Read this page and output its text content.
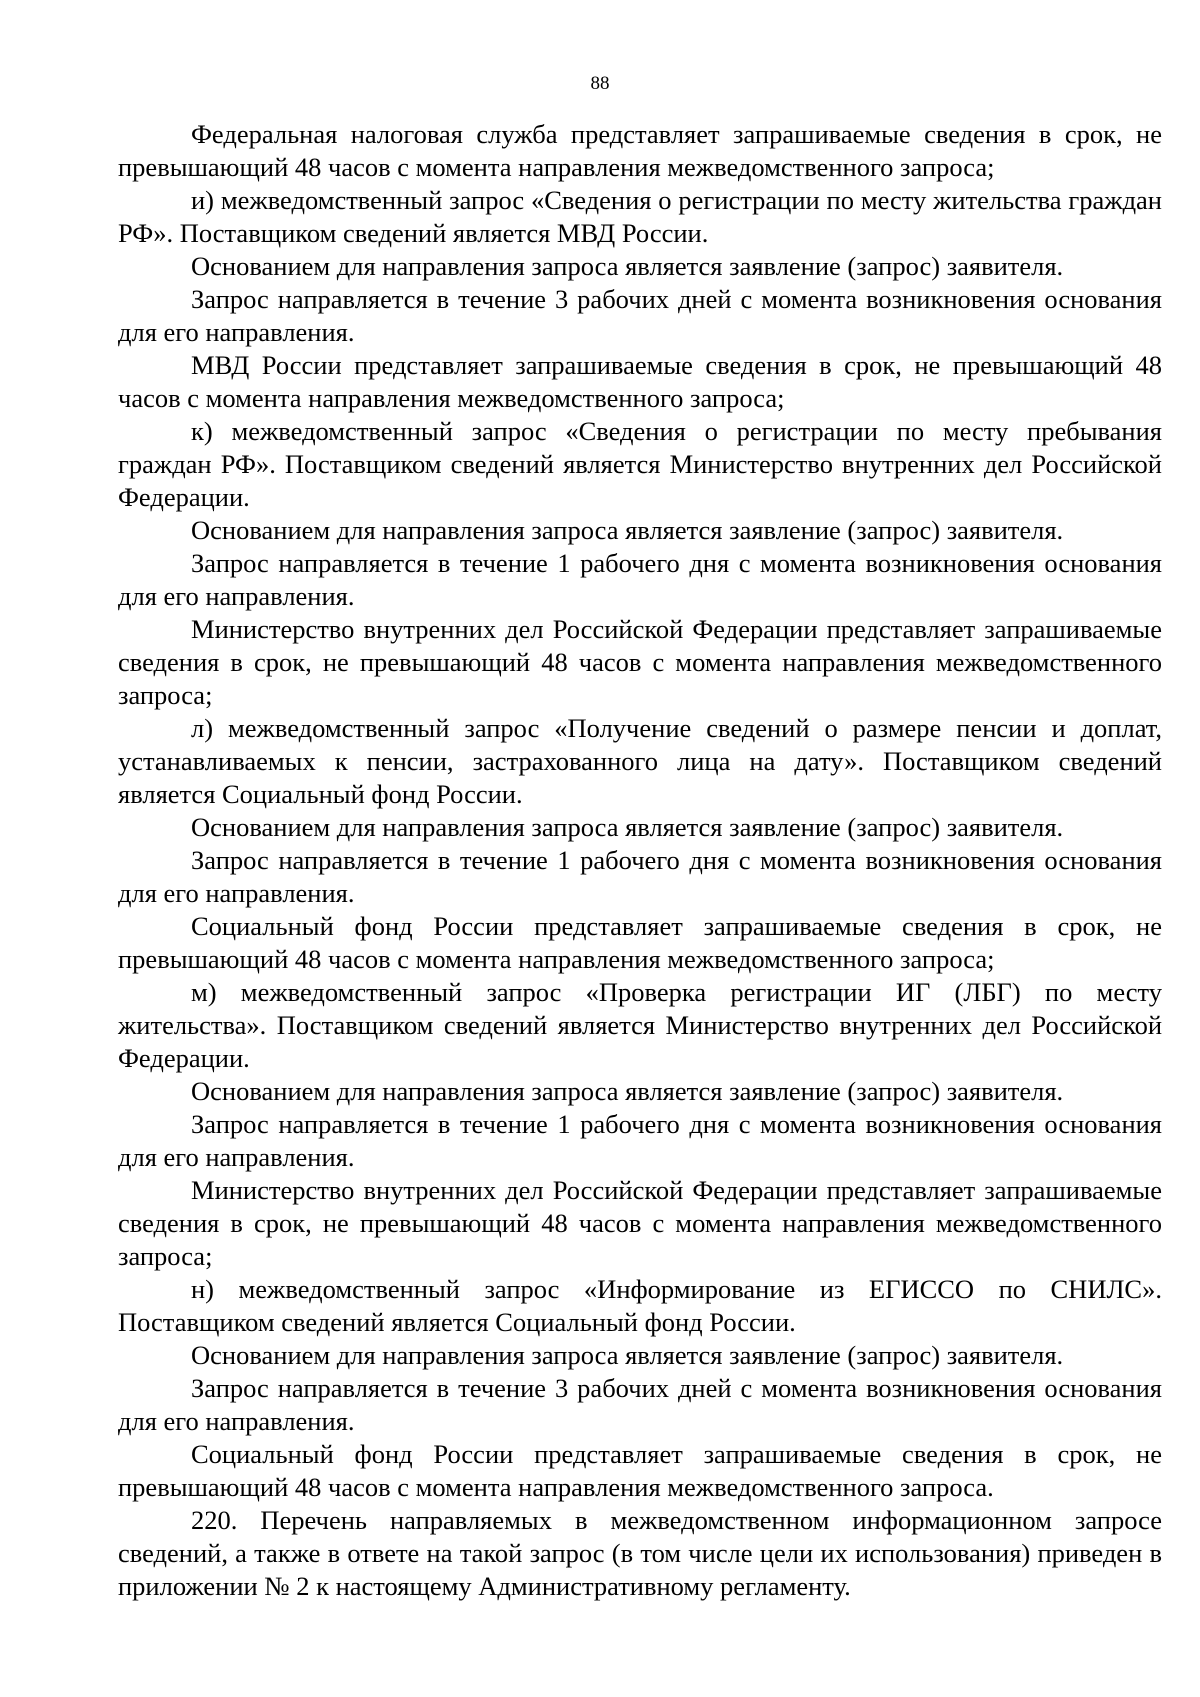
88

Федеральная налоговая служба представляет запрашиваемые сведения в срок, не превышающий 48 часов с момента направления межведомственного запроса;

и) межведомственный запрос «Сведения о регистрации по месту жительства граждан РФ». Поставщиком сведений является МВД России.

Основанием для направления запроса является заявление (запрос) заявителя.

Запрос направляется в течение 3 рабочих дней с момента возникновения основания для его направления.

МВД России представляет запрашиваемые сведения в срок, не превышающий 48 часов с момента направления межведомственного запроса;

к) межведомственный запрос «Сведения о регистрации по месту пребывания граждан РФ». Поставщиком сведений является Министерство внутренних дел Российской Федерации.

Основанием для направления запроса является заявление (запрос) заявителя.

Запрос направляется в течение 1 рабочего дня с момента возникновения основания для его направления.

Министерство внутренних дел Российской Федерации представляет запрашиваемые сведения в срок, не превышающий 48 часов с момента направления межведомственного запроса;

л) межведомственный запрос «Получение сведений о размере пенсии и доплат, устанавливаемых к пенсии, застрахованного лица на дату». Поставщиком сведений является Социальный фонд России.

Основанием для направления запроса является заявление (запрос) заявителя.

Запрос направляется в течение 1 рабочего дня с момента возникновения основания для его направления.

Социальный фонд России представляет запрашиваемые сведения в срок, не превышающий 48 часов с момента направления межведомственного запроса;

м) межведомственный запрос «Проверка регистрации ИГ (ЛБГ) по месту жительства». Поставщиком сведений является Министерство внутренних дел Российской Федерации.

Основанием для направления запроса является заявление (запрос) заявителя.

Запрос направляется в течение 1 рабочего дня с момента возникновения основания для его направления.

Министерство внутренних дел Российской Федерации представляет запрашиваемые сведения в срок, не превышающий 48 часов с момента направления межведомственного запроса;

н) межведомственный запрос «Информирование из ЕГИССО по СНИЛС». Поставщиком сведений является Социальный фонд России.

Основанием для направления запроса является заявление (запрос) заявителя.

Запрос направляется в течение 3 рабочих дней с момента возникновения основания для его направления.

Социальный фонд России представляет запрашиваемые сведения в срок, не превышающий 48 часов с момента направления межведомственного запроса.

220. Перечень направляемых в межведомственном информационном запросе сведений, а также в ответе на такой запрос (в том числе цели их использования) приведен в приложении № 2 к настоящему Административному регламенту.
